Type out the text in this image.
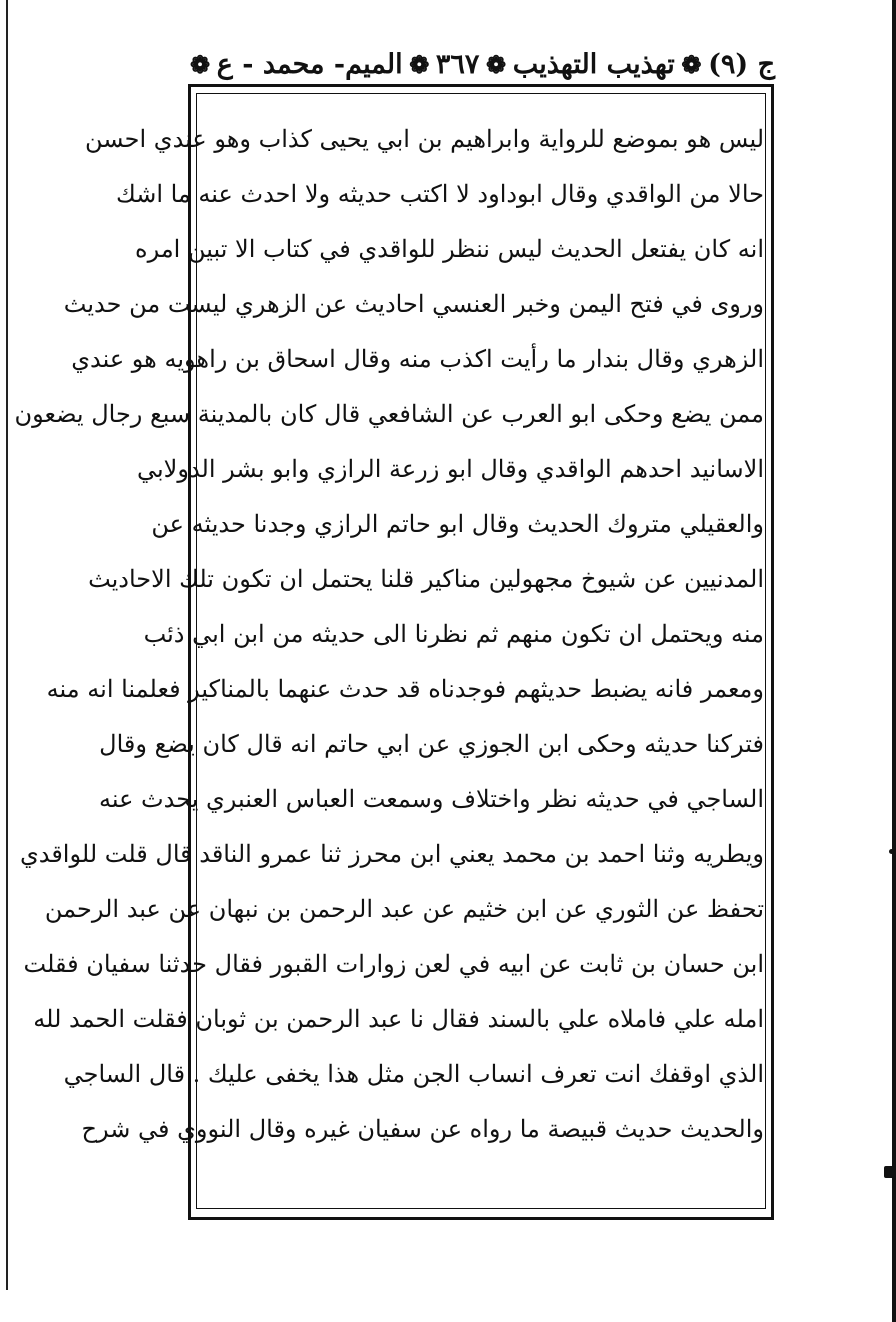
ج (٩)
❁
تهذيب التهذيب
❁
٣٦٧
❁
الميم- محمد - ع
❁
ليس هو بموضع للرواية وابراهيم بن ابي يحيى كذاب وهو عندي احسن
حالا من الواقدي وقال ابوداود لا اكتب حديثه ولا احدث عنه ما اشك
انه كان يفتعل الحديث ليس ننظر للواقدي في كتاب الا تبين امره
وروى في فتح اليمن وخبر العنسي احاديث عن الزهري ليست من حديث
الزهري وقال بندار ما رأيت اكذب منه وقال اسحاق بن راهويه هو عندي
ممن يضع وحكى ابو العرب عن الشافعي قال كان بالمدينة سبع رجال يضعون
الاسانيد احدهم الواقدي وقال ابو زرعة الرازي وابو بشر الدولابي
والعقيلي متروك الحديث وقال ابو حاتم الرازي وجدنا حديثه عن
المدنيين عن شيوخ مجهولين مناكير قلنا يحتمل ان تكون تلك الاحاديث
منه ويحتمل ان تكون منهم ثم نظرنا الى حديثه من ابن ابي ذئب
ومعمر فانه يضبط حديثهم فوجدناه قد حدث عنهما بالمناكير فعلمنا انه منه
فتركنا حديثه وحكى ابن الجوزي عن ابي حاتم انه قال كان يضع وقال
الساجي في حديثه نظر واختلاف وسمعت العباس العنبري يحدث عنه
ويطريه وثنا احمد بن محمد يعني ابن محرز ثنا عمرو الناقد قال قلت للواقدي
تحفظ عن الثوري عن ابن خثيم عن عبد الرحمن بن نبهان عن عبد الرحمن
ابن حسان بن ثابت عن ابيه في لعن زوارات القبور فقال حدثنا سفيان فقلت
امله علي فاملاه علي بالسند فقال نا عبد الرحمن بن ثوبان فقلت الحمد لله
الذي اوقفك انت تعرف انساب الجن مثل هذا يخفى عليك . قال الساجي
والحديث حديث قبيصة ما رواه عن سفيان غيره وقال النووي في شرح
